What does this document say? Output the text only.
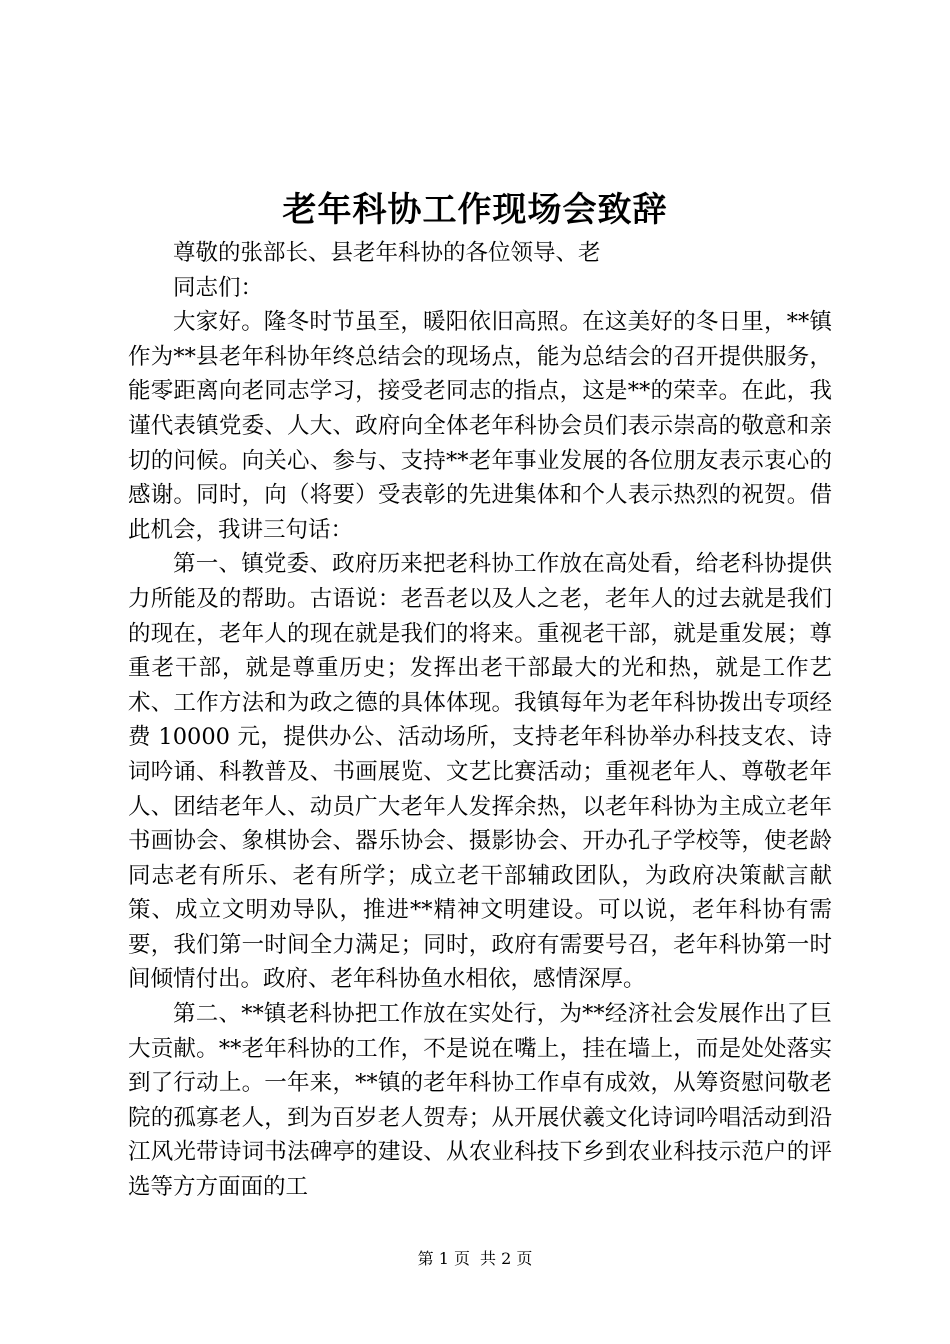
老年科协工作现场会致辞

尊敬的张部长、县老年科协的各位领导、老

同志们：

大家好。隆冬时节虽至，暖阳依旧高照。在这美好的冬日里，**镇作为**县老年科协年终总结会的现场点，能为总结会的召开提供服务，能零距离向老同志学习，接受老同志的指点，这是**的荣幸。在此，我谨代表镇党委、人大、政府向全体老年科协会员们表示崇高的敬意和亲切的问候。向关心、参与、支持**老年事业发展的各位朋友表示衷心的感谢。同时，向（将要）受表彰的先进集体和个人表示热烈的祝贺。借此机会，我讲三句话：

第一、镇党委、政府历来把老科协工作放在高处看，给老科协提供力所能及的帮助。古语说：老吾老以及人之老，老年人的过去就是我们的现在，老年人的现在就是我们的将来。重视老干部，就是重发展；尊重老干部，就是尊重历史；发挥出老干部最大的光和热，就是工作艺术、工作方法和为政之德的具体体现。我镇每年为老年科协拨出专项经费 10000 元，提供办公、活动场所，支持老年科协举办科技支农、诗词吟诵、科教普及、书画展览、文艺比赛活动；重视老年人、尊敬老年人、团结老年人、动员广大老年人发挥余热，以老年科协为主成立老年书画协会、象棋协会、器乐协会、摄影协会、开办孔子学校等，使老龄同志老有所乐、老有所学；成立老干部辅政团队，为政府决策献言献策、成立文明劝导队，推进**精神文明建设。可以说，老年科协有需要，我们第一时间全力满足；同时，政府有需要号召，老年科协第一时间倾情付出。政府、老年科协鱼水相依，感情深厚。

第二、**镇老科协把工作放在实处行，为**经济社会发展作出了巨大贡献。**老年科协的工作，不是说在嘴上，挂在墙上，而是处处落实到了行动上。一年来，**镇的老年科协工作卓有成效，从筹资慰问敬老院的孤寡老人，到为百岁老人贺寿；从开展伏羲文化诗词吟唱活动到沿江风光带诗词书法碑亭的建设、从农业科技下乡到农业科技示范户的评选等方方面面的工

第 1 页 共 2 页
